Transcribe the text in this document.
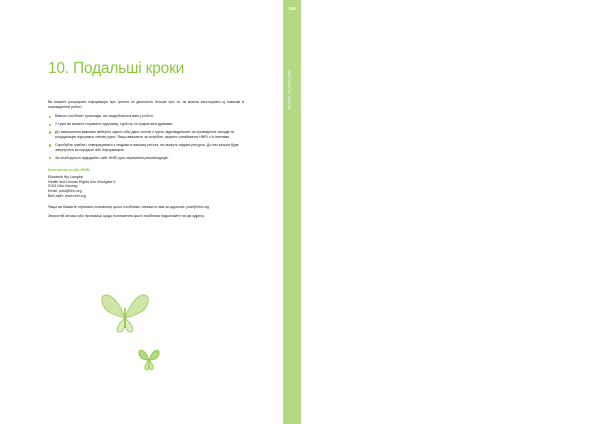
10. Подальші кроки

Ви можете розширити інформацію про тренінг та діяльність більше про те, як можна застосувати ці навички в повсякденній роботі.

Вивчіть посібник і приклади, які знадобляться вам у роботі.
У групі ви можете отримати підтримку, турботу та поділитися думками.
До завершення важливо виберіть одного або двох членів з групи, відповідальних за проведення заходів та координацію підтримки членів групи. Якщо вважаєте за потрібне, можете ознайомити HNRI з їх іменами.
Спробуйте знайти і співпрацювати з людьми в вашому регіоні, які можуть надати ресурси. До них можна буде звернутися за порадою або інформацією.
За необхідності відвідайте сайт HNRI для отримання рекомендацій.
Контактна особа HNRI
Elisabeth Hjo Langdal
Health and Human Rights Info Kirkegata 5
0153 Oslo Norway
Email: post@hhri.org
Веб-сайт: www.hhri.org

Якщо ви бажаєте отримати екземпляр цього посібника, напишіть нам за адресою: post@hhri.org

Зворотній зв'язок або пропозиції щодо поліпшення цього посібника надсилайте на цю адресу.

155
ЧАСТИНА 01: ТЕОРІЯ
